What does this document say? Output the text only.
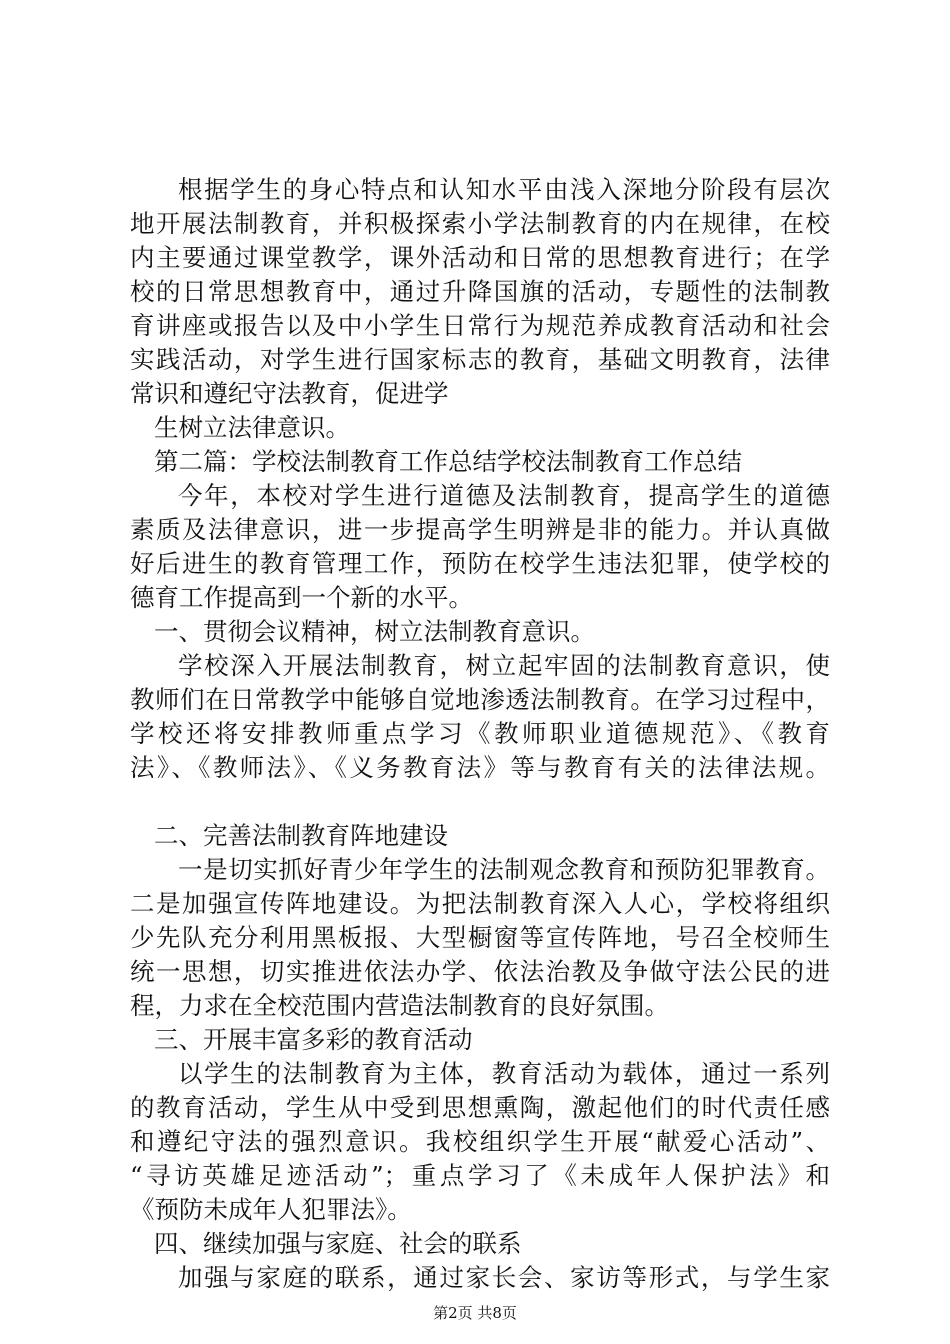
根据学生的身心特点和认知水平由浅入深地分阶段有层次
地开展法制教育，并积极探索小学法制教育的内在规律，在校
内主要通过课堂教学，课外活动和日常的思想教育进行；在学
校的日常思想教育中，通过升降国旗的活动，专题性的法制教
育讲座或报告以及中小学生日常行为规范养成教育活动和社会
实践活动，对学生进行国家标志的教育，基础文明教育，法律
常识和遵纪守法教育，促进学
生树立法律意识。
第二篇：学校法制教育工作总结学校法制教育工作总结
今年，本校对学生进行道德及法制教育，提高学生的道德
素质及法律意识，进一步提高学生明辨是非的能力。并认真做
好后进生的教育管理工作，预防在校学生违法犯罪，使学校的
德育工作提高到一个新的水平。
一、贯彻会议精神，树立法制教育意识。
学校深入开展法制教育，树立起牢固的法制教育意识，使
教师们在日常教学中能够自觉地渗透法制教育。在学习过程中，
学校还将安排教师重点学习《教师职业道德规范》、《教育
法》、《教师法》、《义务教育法》等与教育有关的法律法规。
二、完善法制教育阵地建设
一是切实抓好青少年学生的法制观念教育和预防犯罪教育。
二是加强宣传阵地建设。为把法制教育深入人心，学校将组织
少先队充分利用黑板报、大型橱窗等宣传阵地，号召全校师生
统一思想，切实推进依法办学、依法治教及争做守法公民的进
程，力求在全校范围内营造法制教育的良好氛围。
三、开展丰富多彩的教育活动
以学生的法制教育为主体，教育活动为载体，通过一系列
的教育活动，学生从中受到思想熏陶，激起他们的时代责任感
和遵纪守法的强烈意识。我校组织学生开展“献爱心活动”、
“寻访英雄足迹活动”；重点学习了《未成年人保护法》和
《预防未成年人犯罪法》。
四、继续加强与家庭、社会的联系
加强与家庭的联系，通过家长会、家访等形式，与学生家
第2页 共8页
